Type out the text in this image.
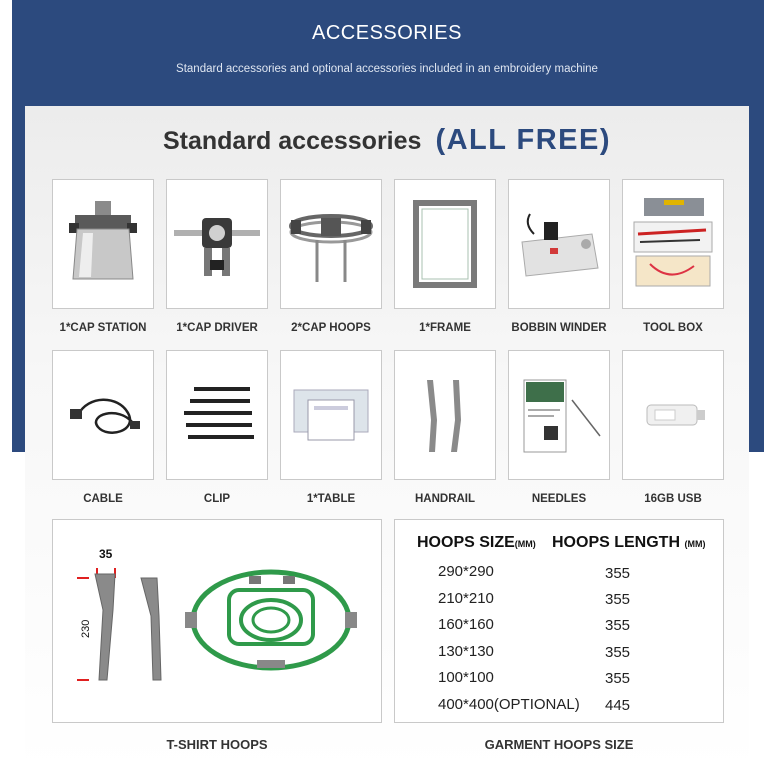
ACCESSORIES
Standard accessories and optional accessories included in an embroidery machine
Standard accessories (ALL FREE)
1*CAP STATION	1*CAP DRIVER	2*CAP HOOPS	1*FRAME	BOBBIN WINDER	TOOL BOX
CABLE	CLIP	1*TABLE	HANDRAIL	NEEDLES	16GB USB
35
230
T-SHIRT HOOPS
HOOPS SIZE(MM) HOOPS LENGTH (MM)
290*290	355
210*210	355
160*160	355
130*130	355
100*100	355
400*400(OPTIONAL) 445
GARMENT HOOPS SIZE
